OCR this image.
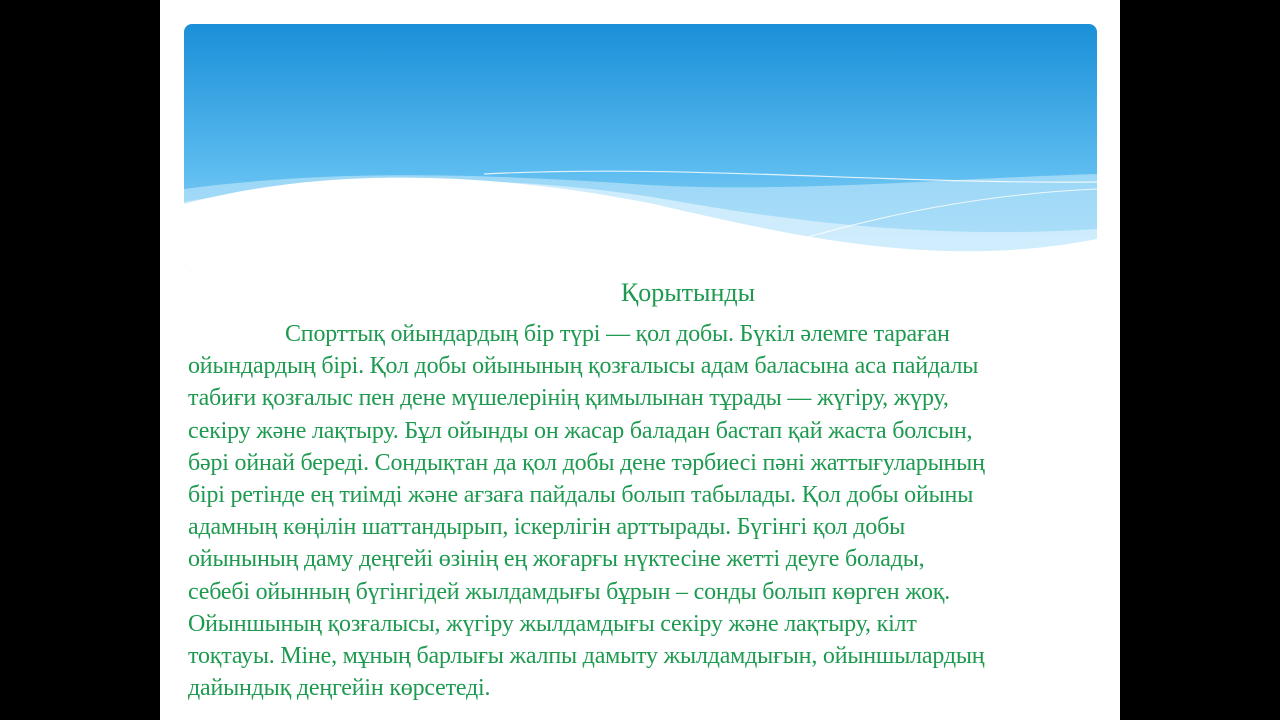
Қорытынды
Спорттық ойындардың бір түрі — қол добы. Бүкіл әлемге тараған
ойындардың бірі. Қол добы ойынының қозғалысы адам баласына аса пайдалы
табиғи қозғалыс пен дене мүшелерінің қимылынан тұрады — жүгіру, жүру,
секіру және лақтыру. Бұл ойынды он жасар баладан бастап қай жаста болсын,
бәрі ойнай береді. Сондықтан да қол добы дене тәрбиесі пәні жаттығуларының
бірі ретінде ең тиімді және ағзаға пайдалы болып табылады. Қол добы ойыны
адамның көңілін шаттандырып, іскерлігін арттырады. Бүгінгі қол добы
ойынының даму деңгейі өзінің ең жоғарғы нүктесіне жетті деуге болады,
себебі ойынның бүгінгідей жылдамдығы бұрын – сонды болып көрген жоқ.
Ойыншының қозғалысы, жүгіру жылдамдығы секіру және лақтыру, кілт
тоқтауы. Міне, мұның барлығы жалпы дамыту жылдамдығын, ойыншылардың
дайындық деңгейін көрсетеді.
